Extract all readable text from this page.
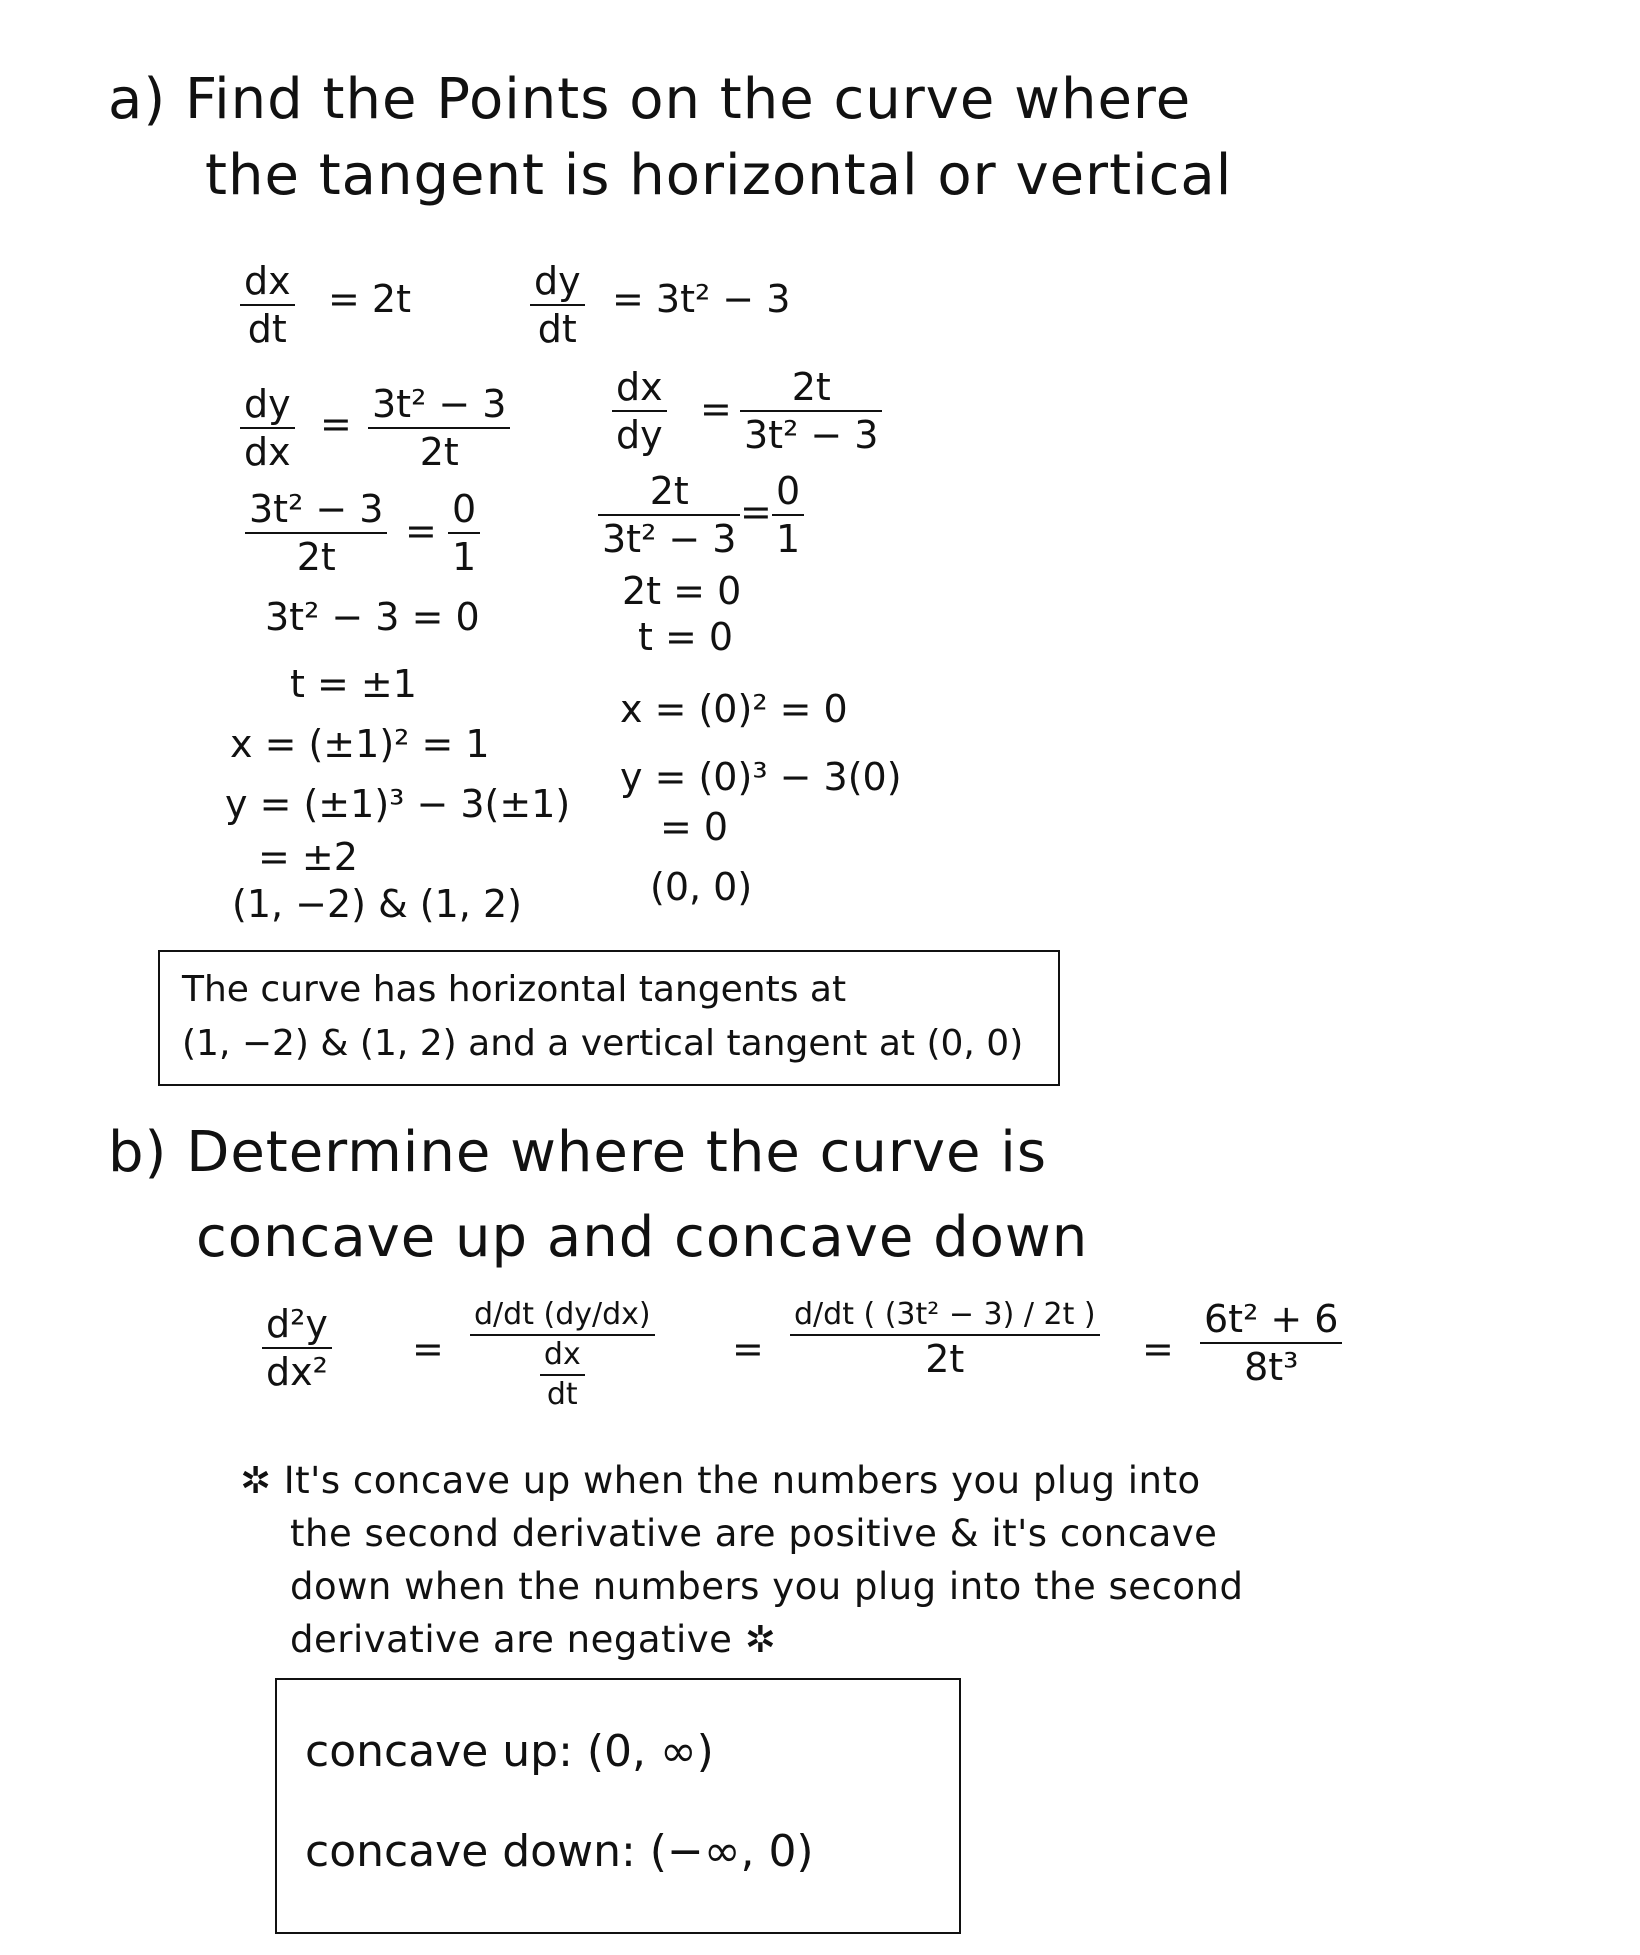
a) Find the Points on the curve where
the tangent is horizontal or vertical
dx
dt
= 2t	dy
dt
= 3t² − 3
dy
dx
= 3t² − 3
2t
dx
dy
= 2t
3t² − 3
3t² − 3
2t
= 0
1
2t
3t² − 3
= 0
1
3t² − 3 = 0
t = ±1
x = (±1)² = 1
y = (±1)³ − 3(±1)
= ±2
(1, −2) & (1, 2)
2t = 0
t = 0
x = (0)² = 0
y = (0)³ − 3(0)
= 0
(0, 0)
The curve has horizontal tangents at
(1, −2) & (1, 2) and a vertical tangent at (0, 0)
b) Determine where the curve is
concave up and concave down
d²y
dx²
=
d/dt (dy/dx)
dx
dt
=
d/dt ( (3t² − 3) / 2t )
2t	=
6t² + 6
8t³
✲ It's concave up when the numbers you plug into
the second derivative are positive & it's concave
down when the numbers you plug into the second
derivative are negative ✲
concave up: (0, ∞)
concave down: (−∞, 0)
